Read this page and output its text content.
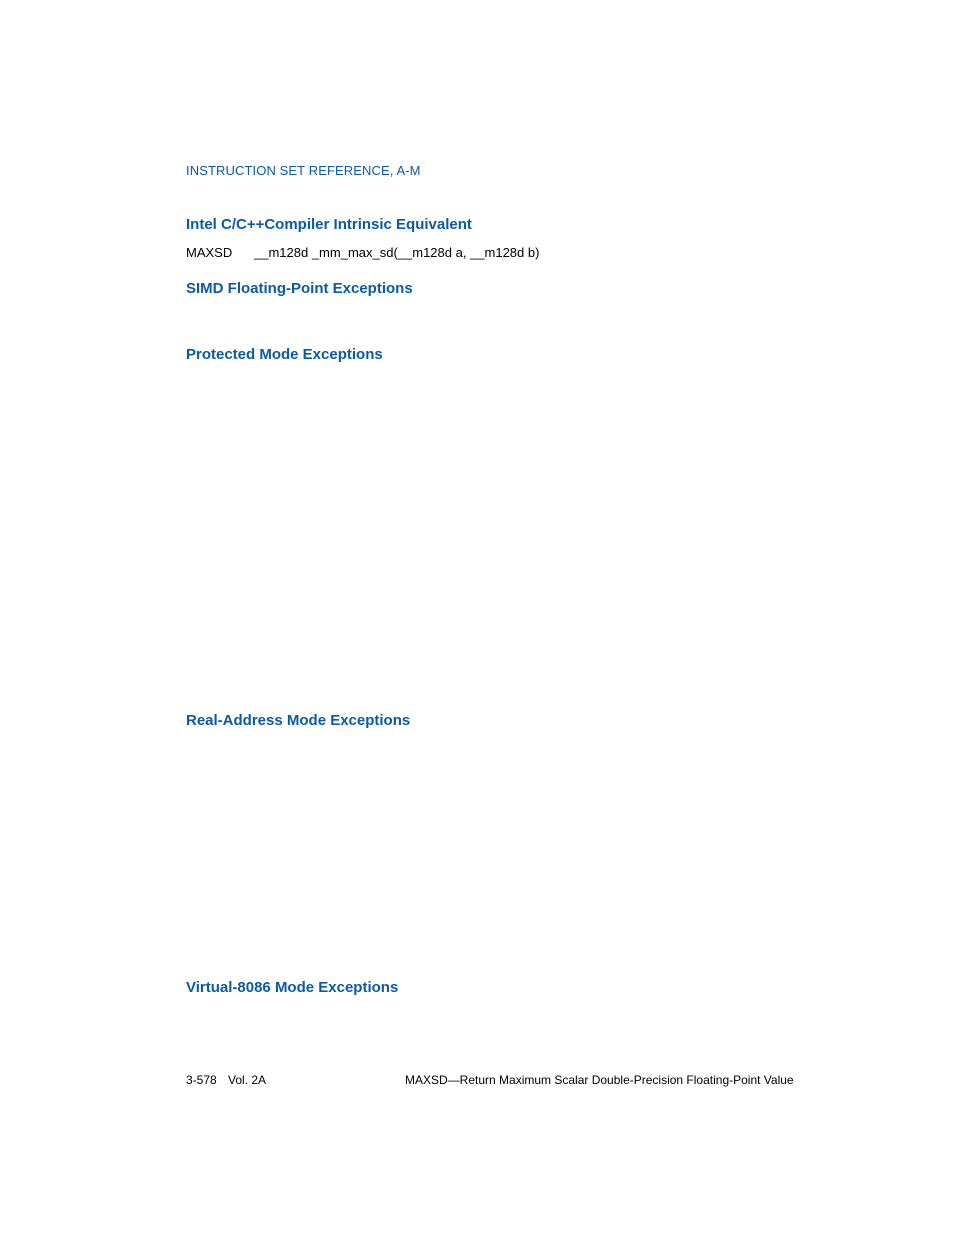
INSTRUCTION SET REFERENCE, A-M
Intel C/C++Compiler Intrinsic Equivalent
MAXSD __m128d _mm_max_sd(__m128d a, __m128d b)
SIMD Floating-Point Exceptions
Protected Mode Exceptions
Real-Address Mode Exceptions
Virtual-8086 Mode Exceptions
3-578 Vol. 2A	MAXSD—Return Maximum Scalar Double-Precision Floating-Point Value
